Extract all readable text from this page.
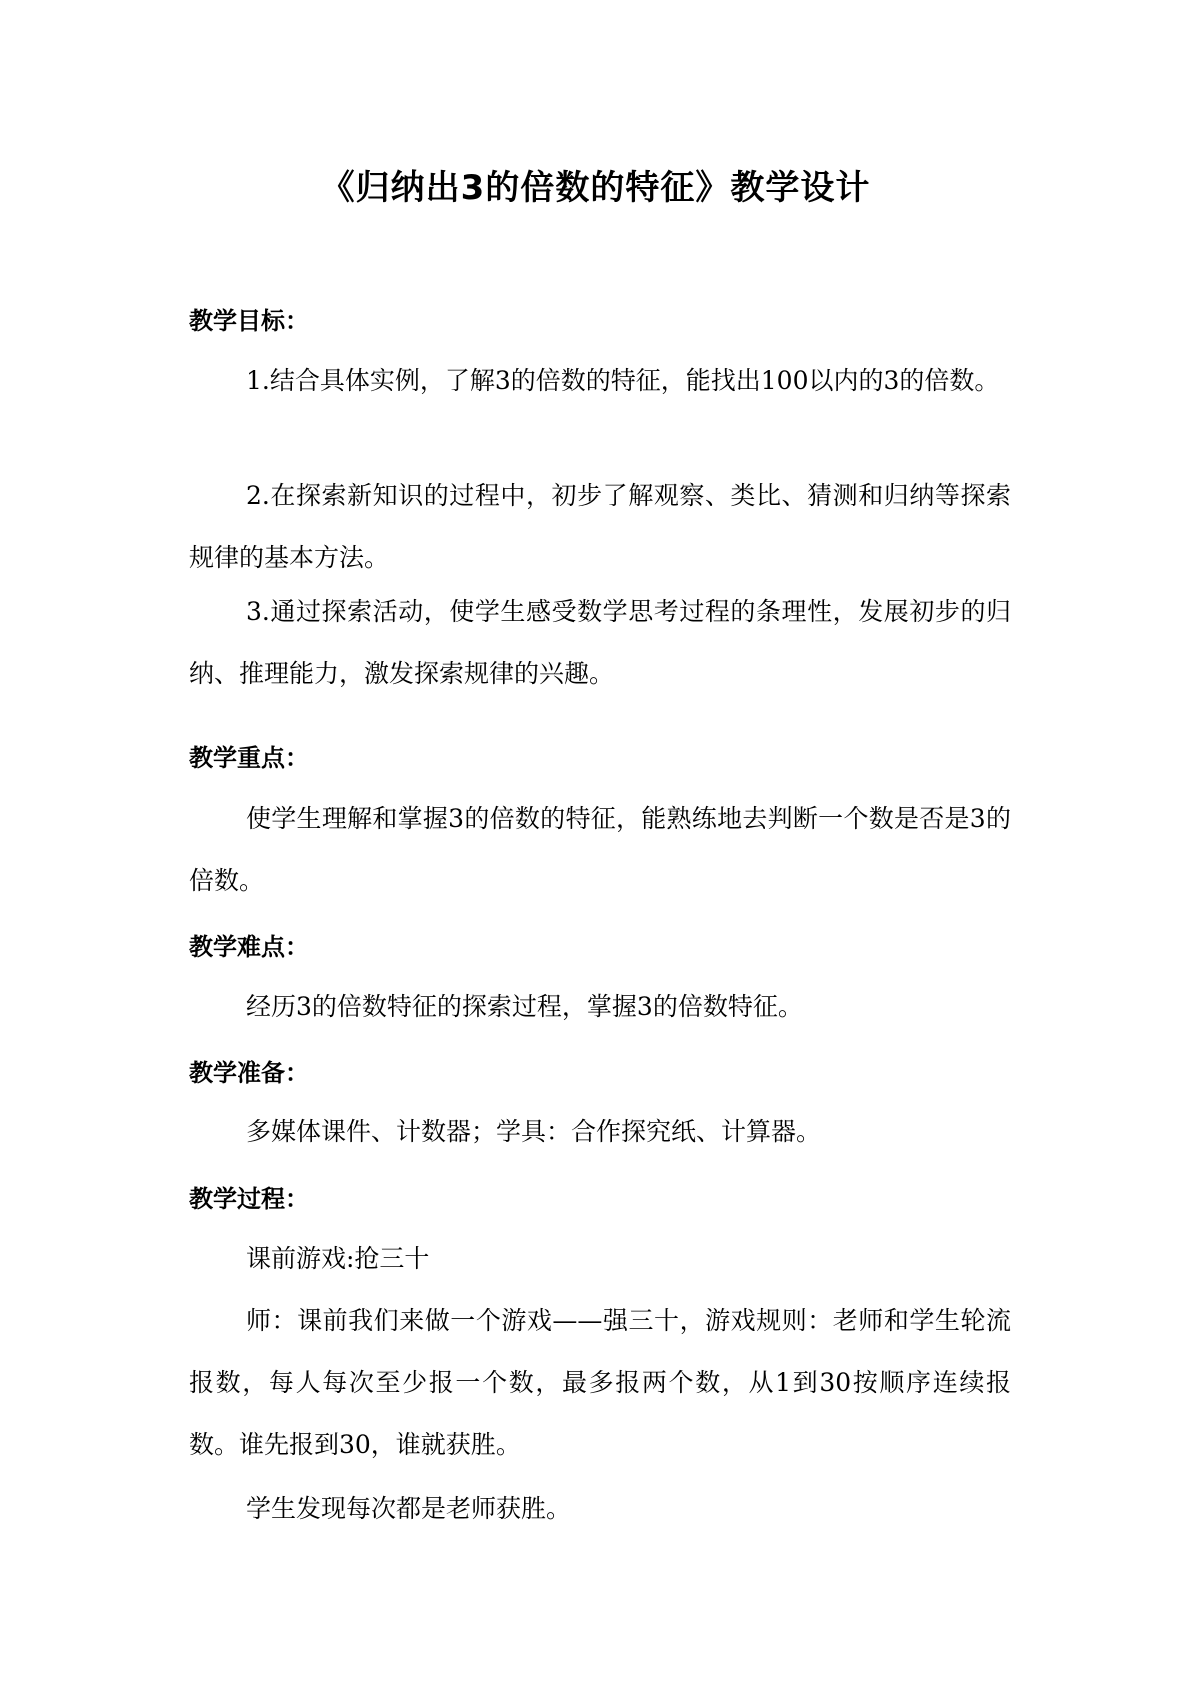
《归纳出3的倍数的特征》教学设计
教学目标：
1.结合具体实例，了解3的倍数的特征，能找出100以内的3的倍数。
2.在探索新知识的过程中，初步了解观察、类比、猜测和归纳等探索规律的基本方法。
3.通过探索活动，使学生感受数学思考过程的条理性，发展初步的归纳、推理能力，激发探索规律的兴趣。
教学重点：
使学生理解和掌握3的倍数的特征，能熟练地去判断一个数是否是3的倍数。
教学难点：
经历3的倍数特征的探索过程，掌握3的倍数特征。
教学准备：
多媒体课件、计数器；学具：合作探究纸、计算器。
教学过程：
课前游戏:抢三十
师：课前我们来做一个游戏——强三十，游戏规则：老师和学生轮流报数，每人每次至少报一个数，最多报两个数，从1到30按顺序连续报数。谁先报到30，谁就获胜。
学生发现每次都是老师获胜。
